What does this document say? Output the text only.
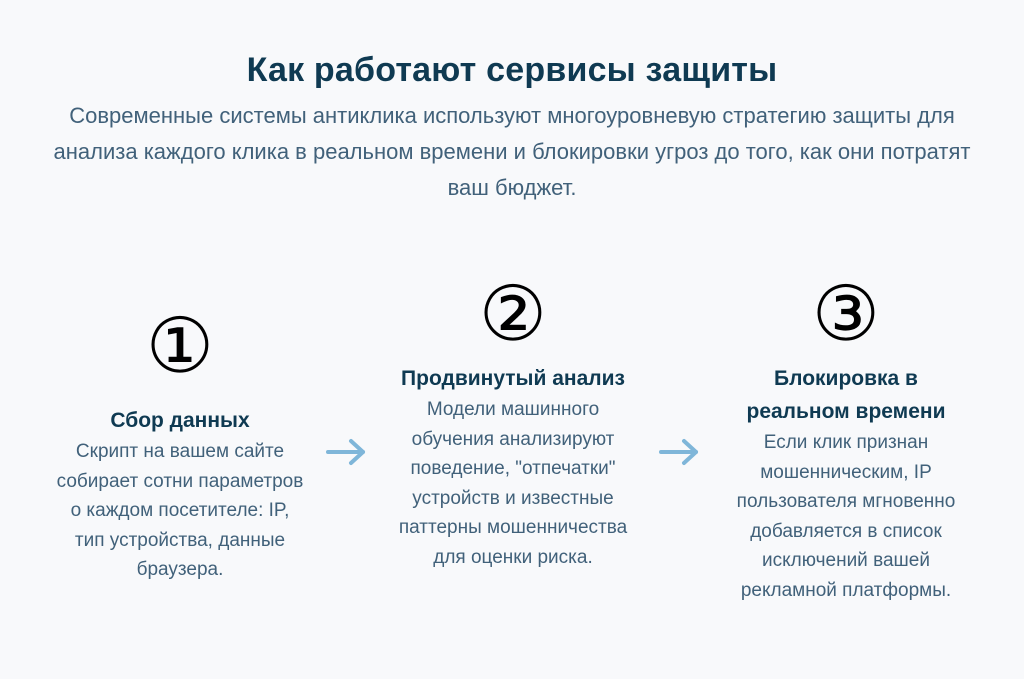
Как работают сервисы защиты
Современные системы антиклика используют многоуровневую стратегию защиты для анализа каждого клика в реальном времени и блокировки угроз до того, как они потратят ваш бюджет.
①
Сбор данных
Скрипт на вашем сайте собирает сотни параметров о каждом посетителе: IP, тип устройства, данные браузера.
②
Продвинутый анализ
Модели машинного обучения анализируют поведение, "отпечатки" устройств и известные паттерны мошенничества для оценки риска.
③
Блокировка в реальном времени
Если клик признан мошенническим, IP пользователя мгновенно добавляется в список исключений вашей рекламной платформы.
